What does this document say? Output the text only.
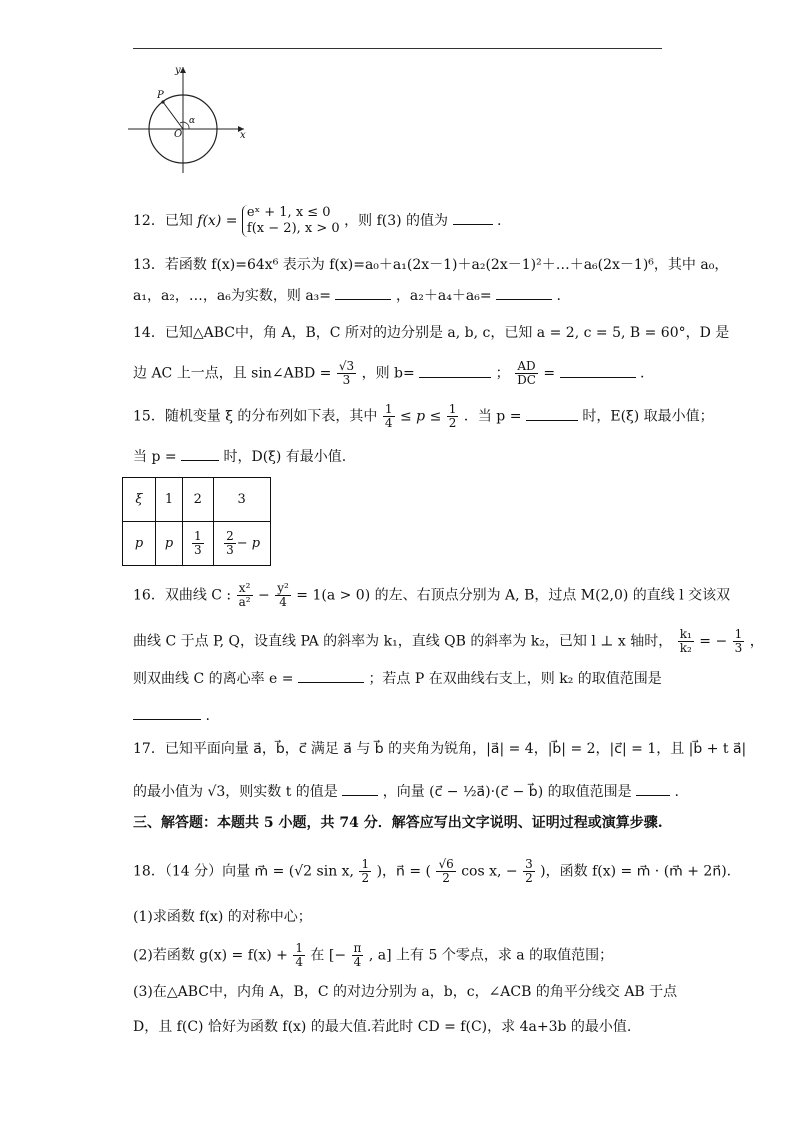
y
x
P
O
α
12．已知 f(x) =
eˣ + 1, x ≤ 0
f(x − 2), x > 0 ，则 f(3) 的值为	.
13．若函数 f(x)=64x⁶ 表示为 f(x)=a₀＋a₁(2x－1)＋a₂(2x－1)²＋…＋a₆(2x－1)⁶，其中 a₀，
a₁，a₂，…，a₆为实数，则 a₃=	，a₂＋a₄＋a₆=	.
14．已知△ABC中，角 A，B，C 所对的边分别是 a, b, c，已知 a = 2, c = 5, B = 60°，D 是
边 AC 上一点，且 sin∠ABD = $\frac{√3}{3}$ ，则 b=	； $\frac{AD}{DC}$ =	.
15．随机变量 ξ 的分布列如下表，其中 $\frac{1}{4} \le p \le \frac{1}{2}$ ．当 p =	时，E(ξ) 取最小值；
当 p =	时，D(ξ) 有最小值.
ξ	1	2	3
p	p	$\frac{1}{3}$	$\frac{2}{3} - p$
16．双曲线 C : $\frac{\text{x²}}{\text{a²}} - \frac{\text{y²}}{4} = 1(a > 0)$ 的左、右顶点分别为 A, B，过点 M(2,0) 的直线 l 交该双
曲线 C 于点 P, Q，设直线 PA 的斜率为 k₁，直线 QB 的斜率为 k₂，已知 l ⊥ x 轴时， $\frac{\text{k₁}}{\text{k₂}}$ = − $\frac{1}{3}$ ，
则双曲线 C 的离心率 e =	；若点 P 在双曲线右支上，则 k₂ 的取值范围是
.
17．已知平面向量 a⃗，b⃗，c⃗ 满足 a⃗ 与 b⃗ 的夹角为锐角，|a⃗| = 4，|b⃗| = 2，|c⃗| = 1，且 |b⃗ + t a⃗|
的最小值为 √3，则实数 t 的值是	，向量 (c⃗ − ½a⃗)·(c⃗ − b⃗) 的取值范围是	.
三、解答题：本题共 5 小题，共 74 分．解答应写出文字说明、证明过程或演算步骤.
18．（14 分）向量 m⃗ = (√2 sin x, $\frac{1}{2}$ )，n⃗ = ( $\frac{√6}{2}$ cos x, − $\frac{3}{2}$ )，函数 f(x) = m⃗ · (m⃗ + 2n⃗).
(1)求函数 f(x) 的对称中心；
(2)若函数 $g(x) = f(x) + \frac{1}{4}$ 在 [− $\frac{\pi}{4}$ , a] 上有 5 个零点，求 a 的取值范围；
(3)在△ABC中，内角 A，B，C 的对边分别为 a，b，c，∠ACB 的角平分线交 AB 于点
D，且 f(C) 恰好为函数 f(x) 的最大值.若此时 CD = f(C)，求 4a+3b 的最小值.
